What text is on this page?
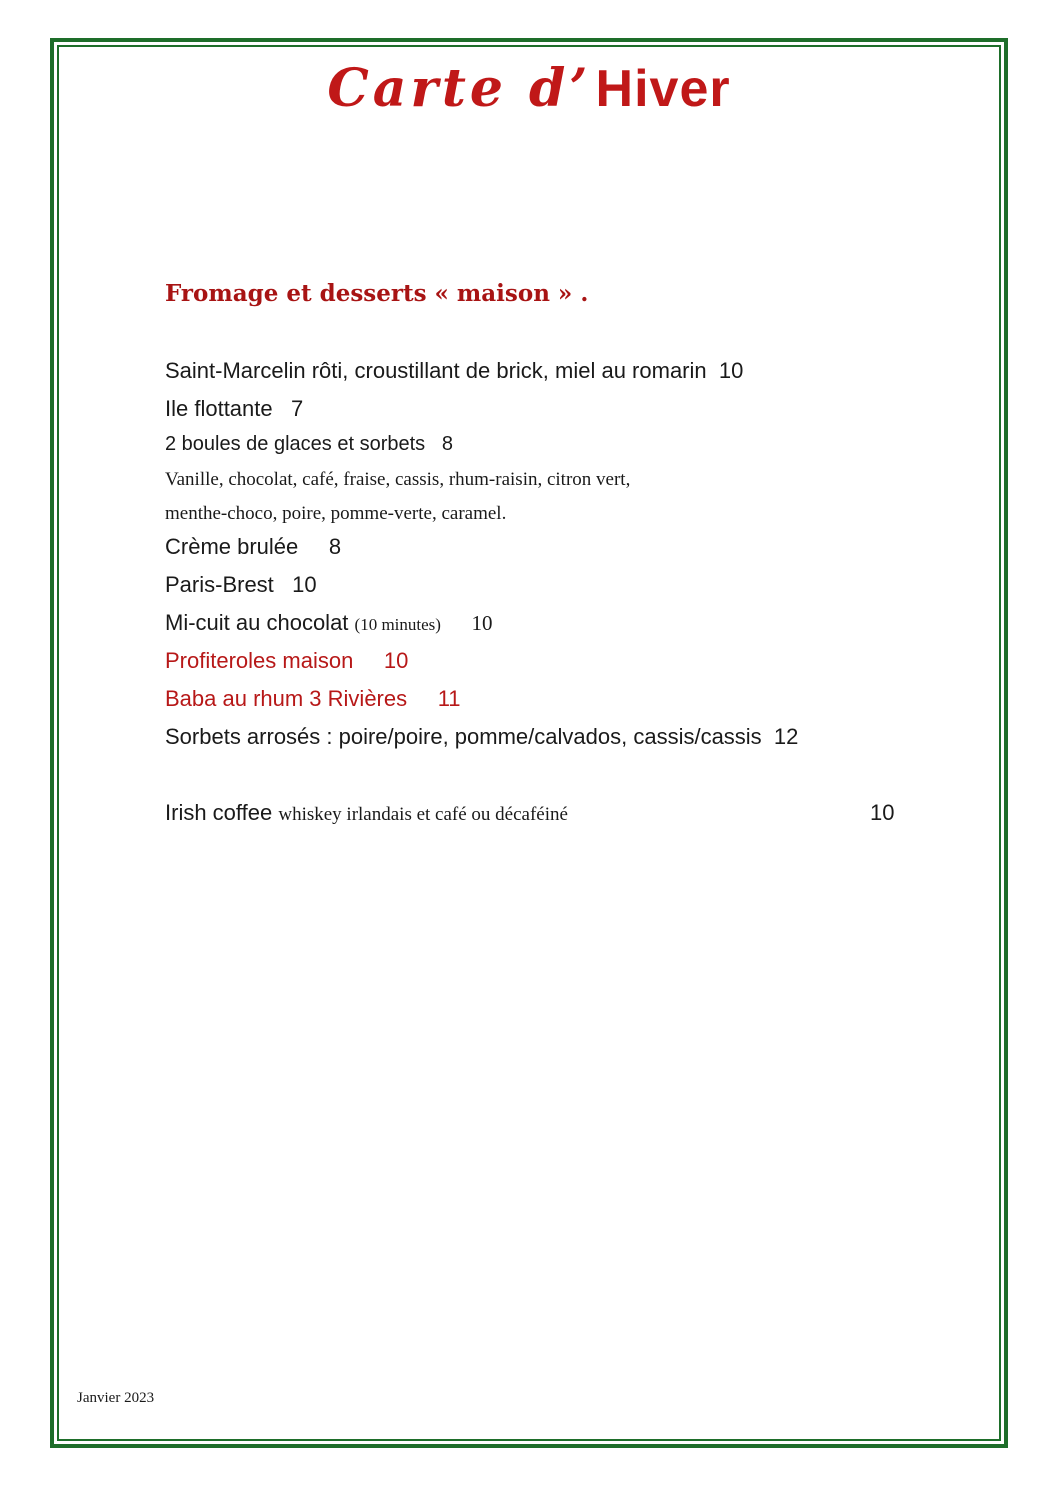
Carte d’ Hiver
Fromage et desserts « maison » .
Saint-Marcelin rôti, croustillant de brick, miel au romarin 10
Ile flottante 7
2 boules de glaces et sorbets 8
Vanille, chocolat, café, fraise, cassis, rhum-raisin, citron vert,
menthe-choco, poire, pomme-verte, caramel.
Crème brulée 8
Paris-Brest 10
Mi-cuit au chocolat (10 minutes) 10
Profiteroles maison 10
Baba au rhum 3 Rivières 11
Sorbets arrosés : poire/poire, pomme/calvados, cassis/cassis 12
Irish coffee whiskey irlandais et café ou décaféiné	10
Janvier 2023
